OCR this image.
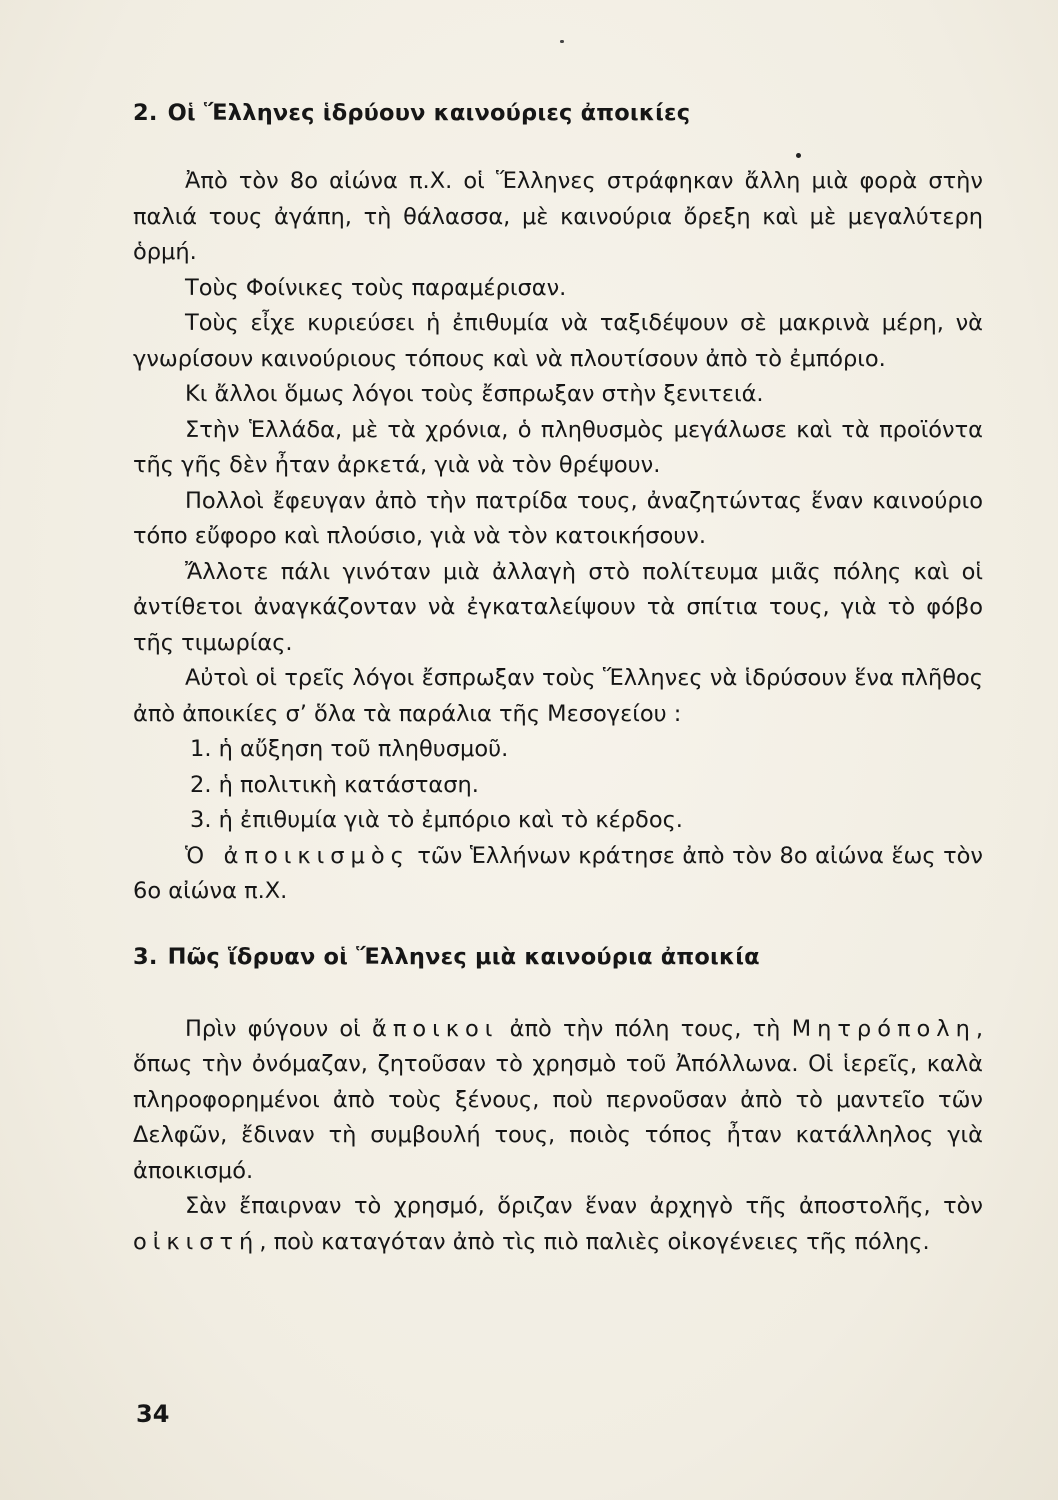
2. Οἱ Ἕλληνες ἱδρύουν καινούριες ἀποικίες

Ἀπὸ τὸν 8ο αἰώνα π.Χ. οἱ Ἕλληνες στράφηκαν ἄλλη μιὰ φορὰ στὴν παλιά τους ἀγάπη, τὴ θάλασσα, μὲ καινούρια ὄρεξη καὶ μὲ μεγαλύτερη ὁρμή.

Τοὺς Φοίνικες τοὺς παραμέρισαν.

Τοὺς εἶχε κυριεύσει ἡ ἐπιθυμία νὰ ταξιδέψουν σὲ μακρινὰ μέρη, νὰ γνωρίσουν καινούριους τόπους καὶ νὰ πλουτίσουν ἀπὸ τὸ ἐμπόριο.

Κι ἄλλοι ὅμως λόγοι τοὺς ἔσπρωξαν στὴν ξενιτειά.

Στὴν Ἑλλάδα, μὲ τὰ χρόνια, ὁ πληθυσμὸς μεγάλωσε καὶ τὰ προϊόντα τῆς γῆς δὲν ἦταν ἀρκετά, γιὰ νὰ τὸν θρέψουν.

Πολλοὶ ἔφευγαν ἀπὸ τὴν πατρίδα τους, ἀναζητώντας ἕναν καινούριο τόπο εὔφορο καὶ πλούσιο, γιὰ νὰ τὸν κατοικήσουν.

Ἄλλοτε πάλι γινόταν μιὰ ἀλλαγὴ στὸ πολίτευμα μιᾶς πόλης καὶ οἱ ἀντίθετοι ἀναγκάζονταν νὰ ἐγκαταλείψουν τὰ σπίτια τους, γιὰ τὸ φόβο τῆς τιμωρίας.

Αὐτοὶ οἱ τρεῖς λόγοι ἔσπρωξαν τοὺς Ἕλληνες νὰ ἱδρύσουν ἕνα πλῆθος ἀπὸ ἀποικίες σ’ ὅλα τὰ παράλια τῆς Μεσογείου :

1. ἡ αὔξηση τοῦ πληθυσμοῦ.

2. ἡ πολιτικὴ κατάσταση.

3. ἡ ἐπιθυμία γιὰ τὸ ἐμπόριο καὶ τὸ κέρδος.

Ὁ ἀποικισμὸς τῶν Ἑλλήνων κράτησε ἀπὸ τὸν 8ο αἰώνα ἕως τὸν 6ο αἰώνα π.Χ.

3. Πῶς ἵδρυαν οἱ Ἕλληνες μιὰ καινούρια ἀποικία

Πρὶν φύγουν οἱ ἄποικοι ἀπὸ τὴν πόλη τους, τὴ Μητρόπολη, ὅπως τὴν ὀνόμαζαν, ζητοῦσαν τὸ χρησμὸ τοῦ Ἀπόλλωνα. Οἱ ἱερεῖς, καλὰ πληροφορημένοι ἀπὸ τοὺς ξένους, ποὺ περνοῦσαν ἀπὸ τὸ μαντεῖο τῶν Δελφῶν, ἔδιναν τὴ συμβουλή τους, ποιὸς τόπος ἦταν κατάλληλος γιὰ ἀποικισμό.

Σὰν ἔπαιρναν τὸ χρησμό, ὅριζαν ἕναν ἀρχηγὸ τῆς ἀποστολῆς, τὸν οἰκιστή, ποὺ καταγόταν ἀπὸ τὶς πιὸ παλιὲς οἰκογένειες τῆς πόλης.

34
